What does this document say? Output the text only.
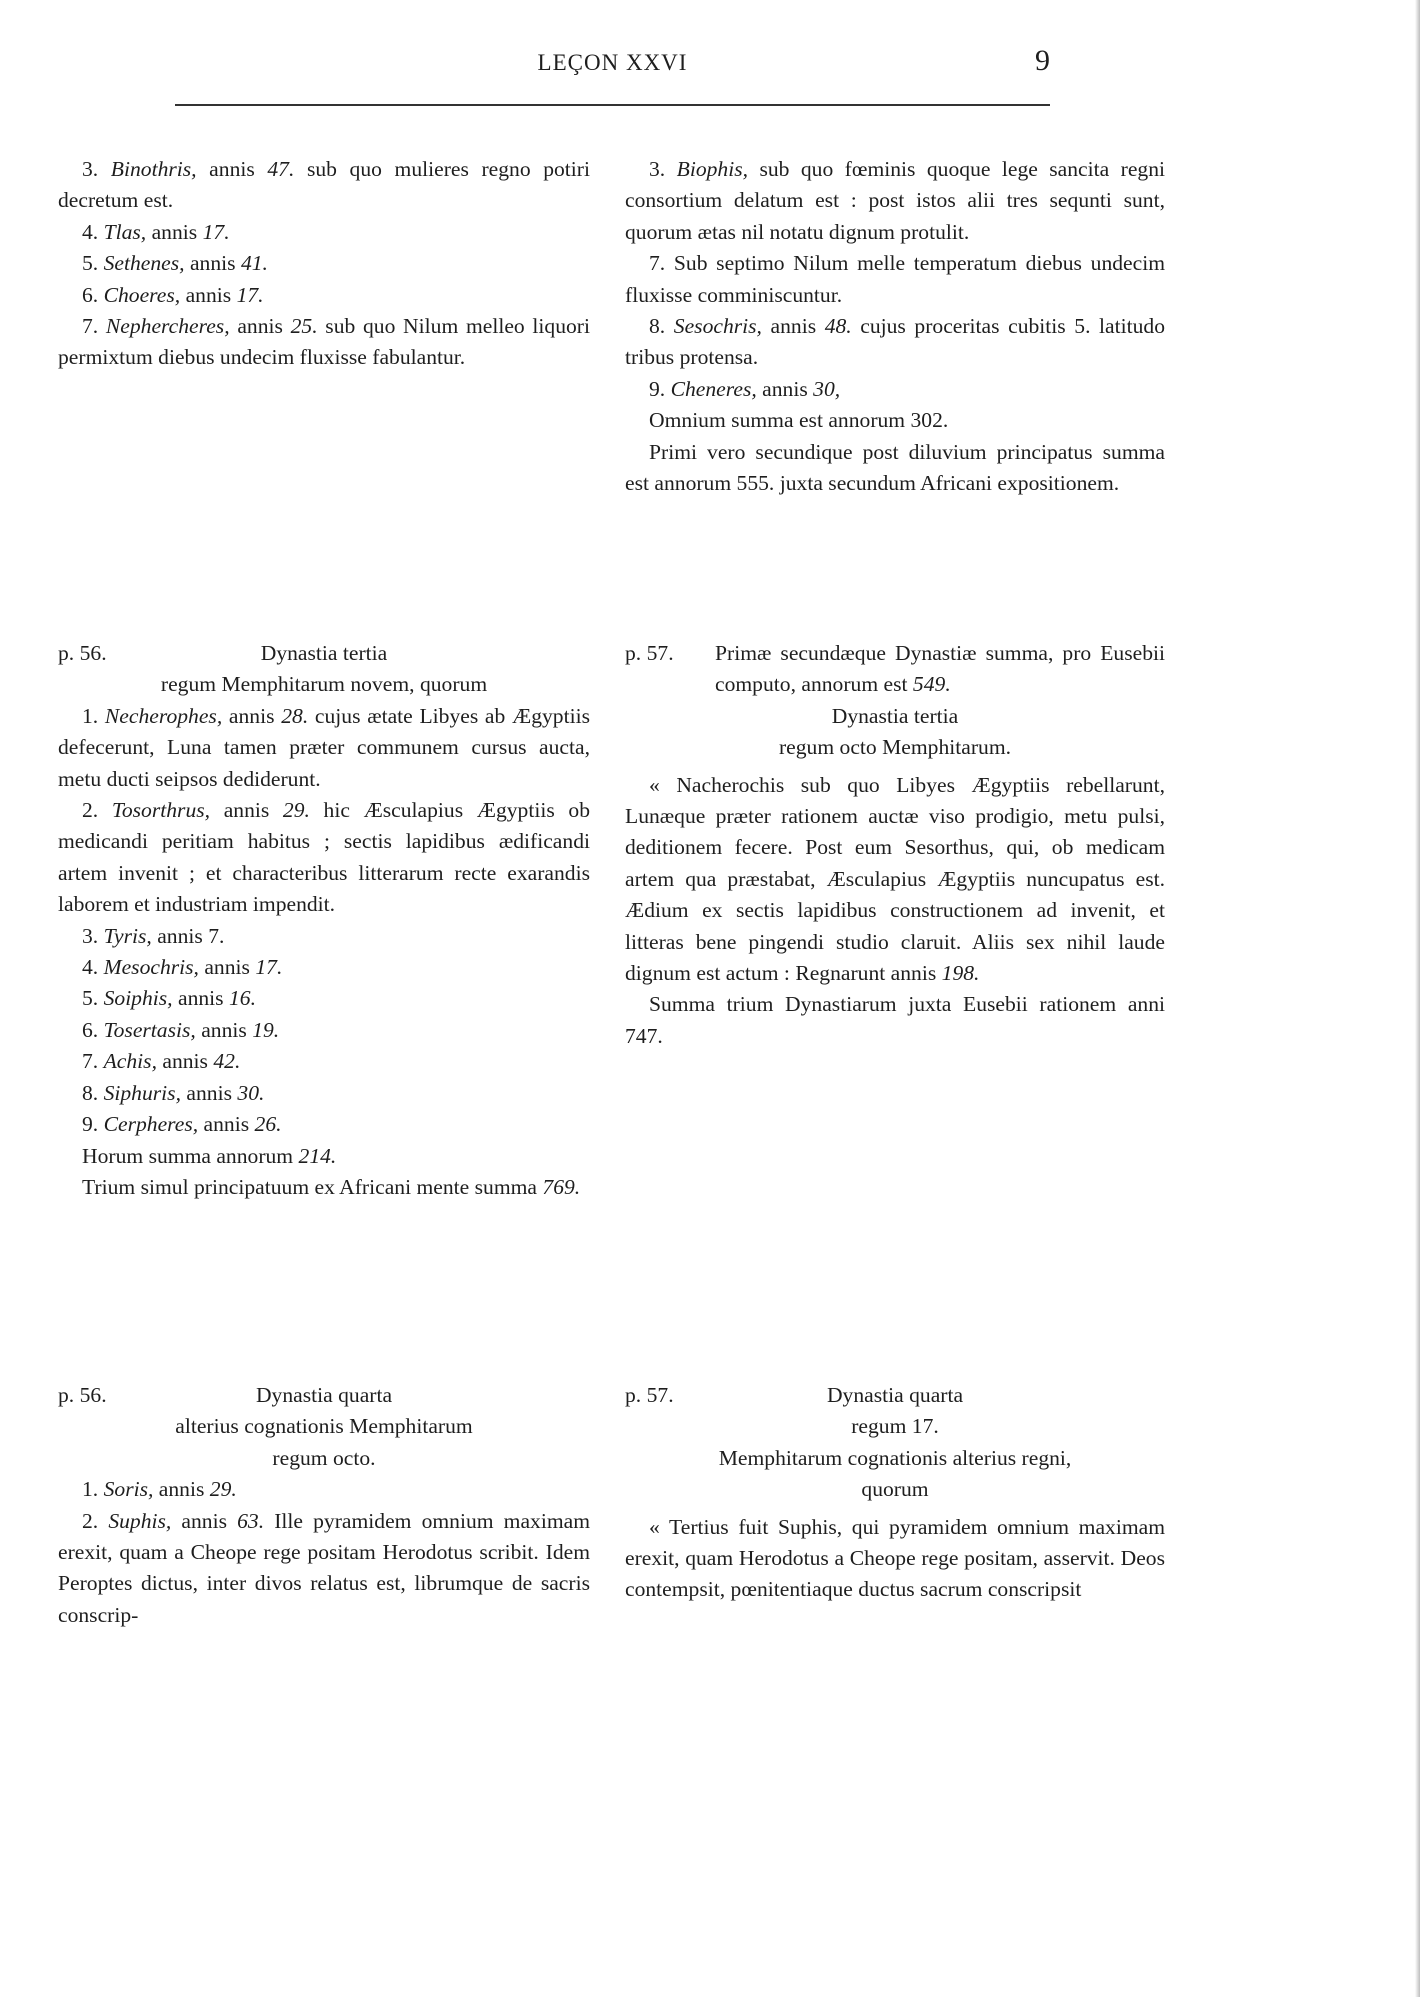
LEÇON XXVI	9

3. Binothris, annis 47. sub quo mulieres regno potiri decretum est.

4. Tlas, annis 17.

5. Sethenes, annis 41.

6. Choeres, annis 17.

7. Nephercheres, annis 25. sub quo Nilum melleo liquori permixtum diebus undecim fluxisse fabulantur.

3. Biophis, sub quo fœminis quoque lege sancita regni consortium delatum est : post istos alii tres sequnti sunt, quorum ætas nil notatu dignum protulit.

7. Sub septimo Nilum melle temperatum diebus undecim fluxisse comminiscuntur.

8. Sesochris, annis 48. cujus proceritas cubitis 5. latitudo tribus protensa.

9. Cheneres, annis 30,

Omnium summa est annorum 302.

Primi vero secundique post diluvium principatus summa est annorum 555. juxta secundum Africani expositionem.

p. 56.	Dynastia tertia

regum Memphitarum novem, quorum

1. Necherophes, annis 28. cujus ætate Libyes ab Ægyptiis defecerunt, Luna tamen præter communem cursus aucta, metu ducti seipsos dediderunt.

2. Tosorthrus, annis 29. hic Æsculapius Ægyptiis ob medicandi peritiam habitus ; sectis lapidibus ædificandi artem invenit ; et characteribus litterarum recte exarandis laborem et industriam impendit.

3. Tyris, annis 7.

4. Mesochris, annis 17.

5. Soiphis, annis 16.

6. Tosertasis, annis 19.

7. Achis, annis 42.

8. Siphuris, annis 30.

9. Cerpheres, annis 26.

Horum summa annorum 214.

Trium simul principatuum ex Africani mente summa 769.

p. 57.	Primæ secundæque Dynastiæ summa, pro Eusebii computo, annorum est 549.

Dynastia tertia

regum octo Memphitarum.

« Nacherochis sub quo Libyes Ægyptiis rebellarunt, Lunæque præter rationem auctæ viso prodigio, metu pulsi, deditionem fecere. Post eum Sesorthus, qui, ob medicam artem qua præstabat, Æsculapius Ægyptiis nuncupatus est. Ædium ex sectis lapidibus constructionem ad invenit, et litteras bene pingendi studio claruit. Aliis sex nihil laude dignum est actum : Regnarunt annis 198.

Summa trium Dynastiarum juxta Eusebii rationem anni 747.

p. 56.	Dynastia quarta

alterius cognationis Memphitarum

regum octo.

1. Soris, annis 29.

2. Suphis, annis 63. Ille pyramidem omnium maximam erexit, quam a Cheope rege positam Herodotus scribit. Idem Peroptes dictus, inter divos relatus est, librumque de sacris conscrip-

p. 57.	Dynastia quarta

regum 17.

Memphitarum cognationis alterius regni,

quorum

« Tertius fuit Suphis, qui pyramidem omnium maximam erexit, quam Herodotus a Cheope rege positam, asservit. Deos contempsit, pœnitentiaque ductus sacrum conscripsit
